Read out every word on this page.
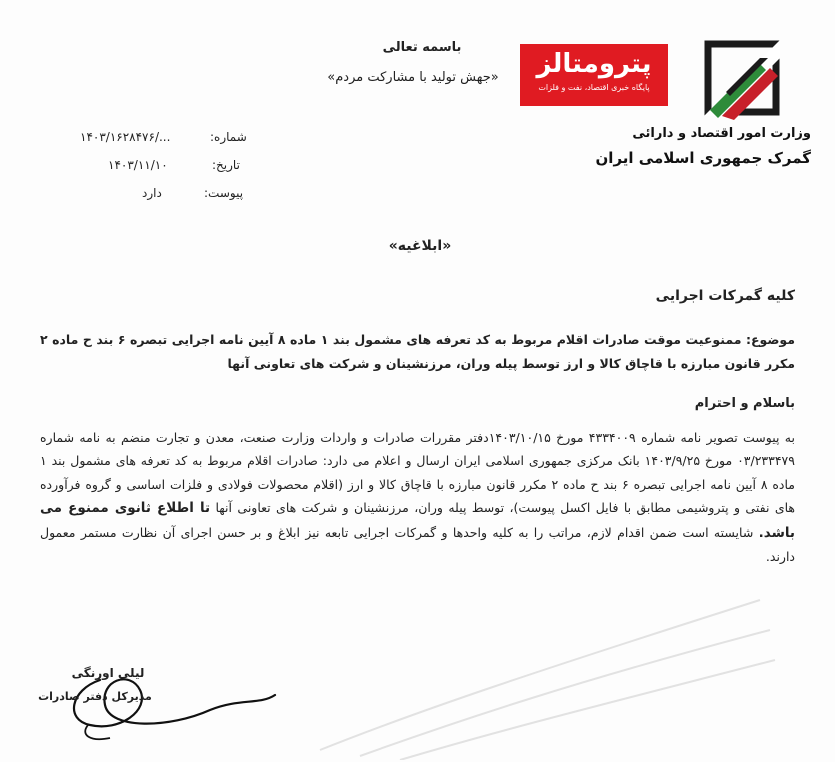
وزارت امور اقتصاد و دارائی
گمرک جمهوری اسلامی ایران
پترومتالز
پایگاه خبری اقتصاد، نفت و فلزات
باسمه تعالی
«جهش تولید با مشارکت مردم»
شماره:
۱۴۰۳/۱۶۲۸۴۷۶/...
تاریخ:
۱۴۰۳/۱۱/۱۰
پیوست:
دارد
«ابلاغیه»
کلیه گمرکات اجرایی
موضوع: ممنوعیت موقت صادرات اقلام مربوط به کد تعرفه های مشمول بند ۱ ماده ۸ آیین نامه اجرایی تبصره ۶ بند ح ماده ۲ مکرر قانون مبارزه با قاچاق کالا و ارز توسط پیله وران، مرزنشینان و شرکت های تعاونی آنها
باسلام و احترام
به پیوست تصویر نامه شماره ۴۳۳۴۰۰۹ مورخ ۱۴۰۳/۱۰/۱۵دفتر مقررات صادرات و واردات وزارت صنعت، معدن و تجارت منضم به نامه شماره ۰۳/۲۳۳۴۷۹ مورخ ۱۴۰۳/۹/۲۵ بانک مرکزی جمهوری اسلامی ایران ارسال و اعلام می دارد: صادرات اقلام مربوط به کد تعرفه های مشمول بند ۱ ماده ۸ آیین نامه اجرایی تبصره ۶ بند ح ماده ۲ مکرر قانون مبارزه با قاچاق کالا و ارز (اقلام محصولات فولادی و فلزات اساسی و گروه فرآورده های نفتی و پتروشیمی مطابق با فایل اکسل پیوست)، توسط پیله وران، مرزنشینان و شرکت های تعاونی آنها تا اطلاع ثانوی ممنوع می باشد. شایسته است ضمن اقدام لازم، مراتب را به کلیه واحدها و گمرکات اجرایی تابعه نیز ابلاغ و بر حسن اجرای آن نظارت مستمر معمول دارند.
لیلی اورنگی
مدیرکل دفتر صادرات
